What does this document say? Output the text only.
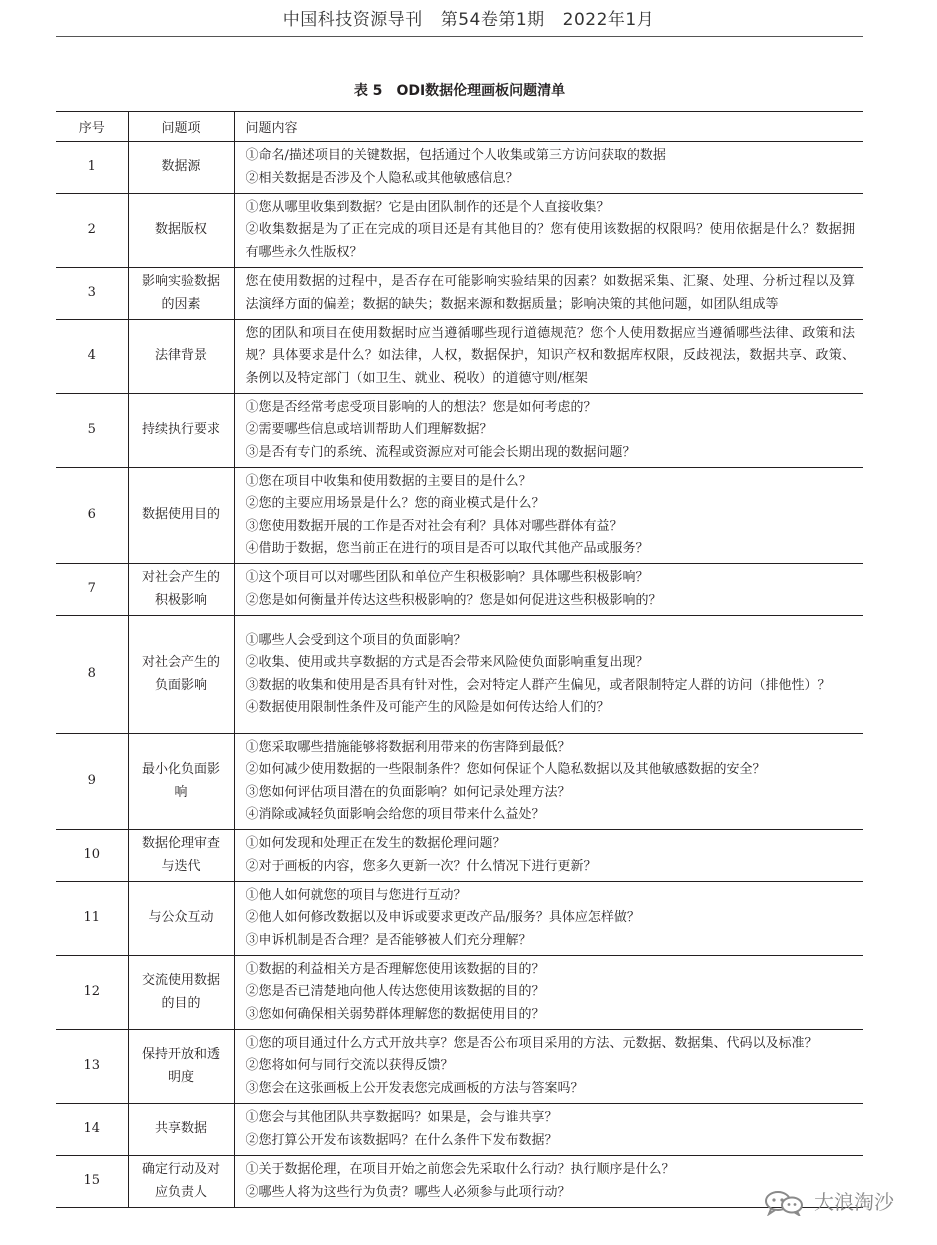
中国科技资源导刊 第54卷第1期 2022年1月
表 5 ODI数据伦理画板问题清单
序号	问题项	问题内容
1	数据源	①命名/描述项目的关键数据，包括通过个人收集或第三方访问获取的数据
②相关数据是否涉及个人隐私或其他敏感信息？

2	数据版权	①您从哪里收集到数据？它是由团队制作的还是个人直接收集？
②收集数据是为了正在完成的项目还是有其他目的？您有使用该数据的权限吗？使用依据是什么？数据拥有哪些永久性版权？

3	影响实验数据
的因素	您在使用数据的过程中，是否存在可能影响实验结果的因素？如数据采集、汇聚、处理、分析过程以及算法演绎方面的偏差；数据的缺失；数据来源和数据质量；影响决策的其他问题，如团队组成等

4	法律背景	您的团队和项目在使用数据时应当遵循哪些现行道德规范？您个人使用数据应当遵循哪些法律、政策和法规？具体要求是什么？如法律，人权，数据保护，知识产权和数据库权限，反歧视法，数据共享、政策、条例以及特定部门（如卫生、就业、税收）的道德守则/框架

5	持续执行要求	①您是否经常考虑受项目影响的人的想法？您是如何考虑的？
②需要哪些信息或培训帮助人们理解数据？
③是否有专门的系统、流程或资源应对可能会长期出现的数据问题？

6	数据使用目的	①您在项目中收集和使用数据的主要目的是什么？
②您的主要应用场景是什么？您的商业模式是什么？
③您使用数据开展的工作是否对社会有利？具体对哪些群体有益？
④借助于数据，您当前正在进行的项目是否可以取代其他产品或服务？

7	对社会产生的
积极影响	①这个项目可以对哪些团队和单位产生积极影响？具体哪些积极影响？
②您是如何衡量并传达这些积极影响的？您是如何促进这些积极影响的？

8	对社会产生的
负面影响	①哪些人会受到这个项目的负面影响？
②收集、使用或共享数据的方式是否会带来风险使负面影响重复出现？
③数据的收集和使用是否具有针对性，会对特定人群产生偏见，或者限制特定人群的访问（排他性）？
④数据使用限制性条件及可能产生的风险是如何传达给人们的？

9	最小化负面影
响	①您采取哪些措施能够将数据利用带来的伤害降到最低？
②如何减少使用数据的一些限制条件？您如何保证个人隐私数据以及其他敏感数据的安全？
③您如何评估项目潜在的负面影响？如何记录处理方法？
④消除或减轻负面影响会给您的项目带来什么益处？

10	数据伦理审查
与迭代	①如何发现和处理正在发生的数据伦理问题？
②对于画板的内容，您多久更新一次？什么情况下进行更新？

11	与公众互动	①他人如何就您的项目与您进行互动？
②他人如何修改数据以及申诉或要求更改产品/服务？具体应怎样做？
③申诉机制是否合理？是否能够被人们充分理解？

12	交流使用数据
的目的	①数据的利益相关方是否理解您使用该数据的目的？
②您是否已清楚地向他人传达您使用该数据的目的？
③您如何确保相关弱势群体理解您的数据使用目的？

13	保持开放和透
明度	①您的项目通过什么方式开放共享？您是否公布项目采用的方法、元数据、数据集、代码以及标准？
②您将如何与同行交流以获得反馈？
③您会在这张画板上公开发表您完成画板的方法与答案吗？

14	共享数据	①您会与其他团队共享数据吗？如果是，会与谁共享？
②您打算公开发布该数据吗？在什么条件下发布数据？

15	确定行动及对
应负责人	①关于数据伦理，在项目开始之前您会先采取什么行动？执行顺序是什么？
②哪些人将为这些行为负责？哪些人必须参与此项行动？	大浪淘沙
